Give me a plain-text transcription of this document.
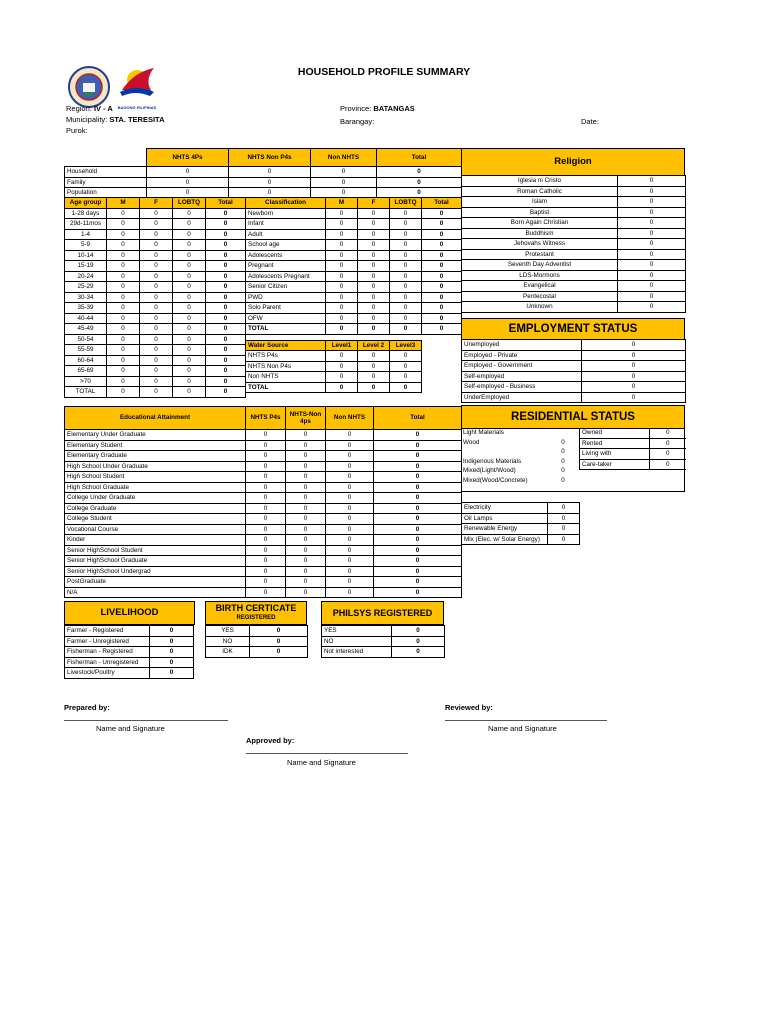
BAGONG PILIPINAS
HOUSEHOLD PROFILE SUMMARY
Region: IV - A
Municipality: STA. TERESITA
Purok:
Province: BATANGAS
Barangay:	Date:
	NHTS 4Ps	NHTS Non P4s	Non NHTS	Total
Household	0	0	0	0
Family	0	0	0	0
Population	0	0	0	0
Age group	M	F	LOBTQ	Total
1-28 days	0	0	0	0
29d-11mos	0	0	0	0
1-4	0	0	0	0
5-9	0	0	0	0
10-14	0	0	0	0
15-19	0	0	0	0
20-24	0	0	0	0
25-29	0	0	0	0
30-34	0	0	0	0
35-39	0	0	0	0
40-44	0	0	0	0
45-49	0	0	0	0
50-54	0	0	0	0
55-59	0	0	0	0
60-64	0	0	0	0
65-69	0	0	0	0
>70	0	0	0	0
TOTAL	0	0	0	0
Classification	M	F	LOBTQ	Total
Newborn	0	0	0	0
Infant	0	0	0	0
Adult	0	0	0	0
School age	0	0	0	0
Adolescents	0	0	0	0
Pregnant	0	0	0	0
Adolescents Pregnant	0	0	0	0
Senior Citizen	0	0	0	0
PWD	0	0	0	0
Solo Parent	0	0	0	0
OFW	0	0	0	0
TOTAL	0	0	0	0
Water Source	Level1	Level 2	Level3
NHTS P4s	0	0	0
NHTS Non P4s	0	0	0
Non NHTS	0	0	0
TOTAL	0	0	0
Religion
Iglesia ni Cristo	0
Roman Catholic	0
Islam	0
Baptist	0
Born Again Christian	0
Buddhism	0
Jehovahs Witness	0
Protestant	0
Seventh Day Adventist	0
LDS-Mormons	0
Evangelical	0
Pentecostal	0
Unknown	0
EMPLOYMENT STATUS
Unemployed	0
Employed - Private	0
Employed - Government	0
Self-employed	0
Self-employed - Business	0
UnderEmployed	0
RESIDENTIAL STATUS
Light Materials	
Wood	0
	0
Indigenous Materials	0
Mixed(Light/Wood)	0
Mixed(Wood/Concrete)	0
Owned	0
Rented	0
Living with	0
Care-taker	0
Electricity	0
Oil Lamps	0
Renewable Energy	0
Mix (Elec. w/ Solar Energy)	0
Educational Attainment	NHTS P4s	NHTS-Non 4ps	Non NHTS	Total
Elementary Under Graduate	0	0	0	0
Elementary Student	0	0	0	0
Elementary Graduate	0	0	0	0
High School Under Graduate	0	0	0	0
High School Student	0	0	0	0
High School Graduate	0	0	0	0
College Under Graduate	0	0	0	0
College Graduate	0	0	0	0
College Student	0	0	0	0
Vocational Course	0	0	0	0
Kinder	0	0	0	0
Senior HighSchool Student	0	0	0	0
Senior HighSchool Graduate	0	0	0	0
Senior HighSchool Undergrad	0	0	0	0
PostGraduate	0	0	0	0
N/A	0	0	0	0
LIVELIHOOD
Farmer - Registered	0
Farmer - Unregistered	0
Fisherman - Registered	0
Fisherman - Unregistered	0
Livestock/Poultry	0
BIRTH CERTICATE
REGISTERED
YES	0
NO	0
IDK	0
PHILSYS REGISTERED
YES	0
NO	0
Not interested	0
Prepared by:
Name and Signature
Reviewed by:
Name and Signature
Approved by:
Name and Signature
